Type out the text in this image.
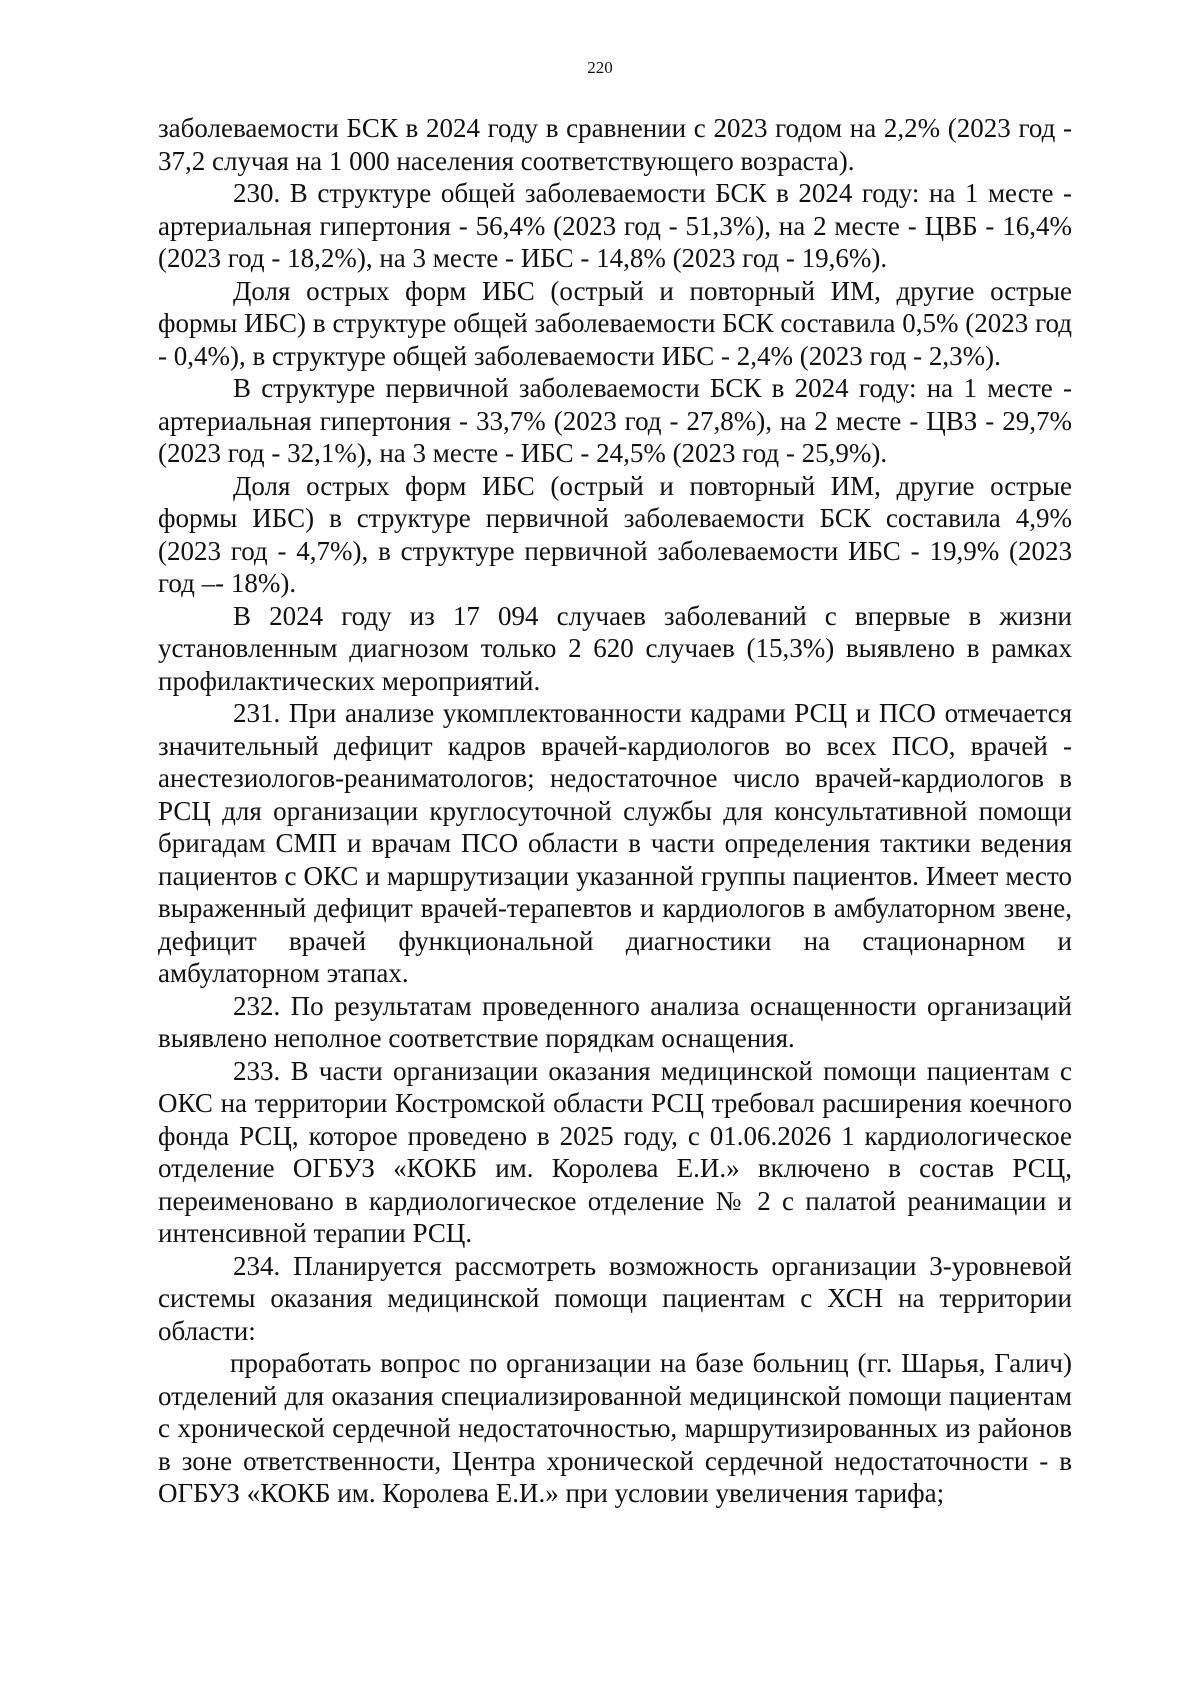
220

заболеваемости БСК в 2024 году в сравнении с 2023 годом на 2,2% (2023 год - 37,2 случая на 1 000 населения соответствующего возраста).

230. В структуре общей заболеваемости БСК в 2024 году: на 1 месте - артериальная гипертония - 56,4% (2023 год - 51,3%), на 2 месте - ЦВБ - 16,4% (2023 год - 18,2%), на 3 месте - ИБС - 14,8% (2023 год - 19,6%).

Доля острых форм ИБС (острый и повторный ИМ, другие острые формы ИБС) в структуре общей заболеваемости БСК составила 0,5% (2023 год - 0,4%), в структуре общей заболеваемости ИБС - 2,4% (2023 год - 2,3%).

В структуре первичной заболеваемости БСК в 2024 году: на 1 месте - артериальная гипертония - 33,7% (2023 год - 27,8%), на 2 месте - ЦВЗ - 29,7% (2023 год - 32,1%), на 3 месте - ИБС - 24,5% (2023 год - 25,9%).

Доля острых форм ИБС (острый и повторный ИМ, другие острые формы ИБС) в структуре первичной заболеваемости БСК составила 4,9% (2023 год - 4,7%), в структуре первичной заболеваемости ИБС - 19,9% (2023 год –- 18%).

В 2024 году из 17 094 случаев заболеваний с впервые в жизни установленным диагнозом только 2 620 случаев (15,3%) выявлено в рамках профилактических мероприятий.

231. При анализе укомплектованности кадрами РСЦ и ПСО отмечается значительный дефицит кадров врачей-кардиологов во всех ПСО, врачей - анестезиологов-реаниматологов; недостаточное число врачей-кардиологов в РСЦ для организации круглосуточной службы для консультативной помощи бригадам СМП и врачам ПСО области в части определения тактики ведения пациентов с ОКС и маршрутизации указанной группы пациентов. Имеет место выраженный дефицит врачей-терапевтов и кардиологов в амбулаторном звене, дефицит врачей функциональной диагностики на стационарном и амбулаторном этапах.

232. По результатам проведенного анализа оснащенности организаций выявлено неполное соответствие порядкам оснащения.

233. В части организации оказания медицинской помощи пациентам с ОКС на территории Костромской области РСЦ требовал расширения коечного фонда РСЦ, которое проведено в 2025 году, с 01.06.2026 1 кардиологическое отделение ОГБУЗ «КОКБ им. Королева Е.И.» включено в состав РСЦ, переименовано в кардиологическое отделение № 2 с палатой реанимации и интенсивной терапии РСЦ.

234. Планируется рассмотреть возможность организации 3-уровневой системы оказания медицинской помощи пациентам с ХСН на территории области:

проработать вопрос по организации на базе больниц (гг. Шарья, Галич) отделений для оказания специализированной медицинской помощи пациентам с хронической сердечной недостаточностью, маршрутизированных из районов в зоне ответственности, Центра хронической сердечной недостаточности - в ОГБУЗ «КОКБ им. Королева Е.И.» при условии увеличения тарифа;
